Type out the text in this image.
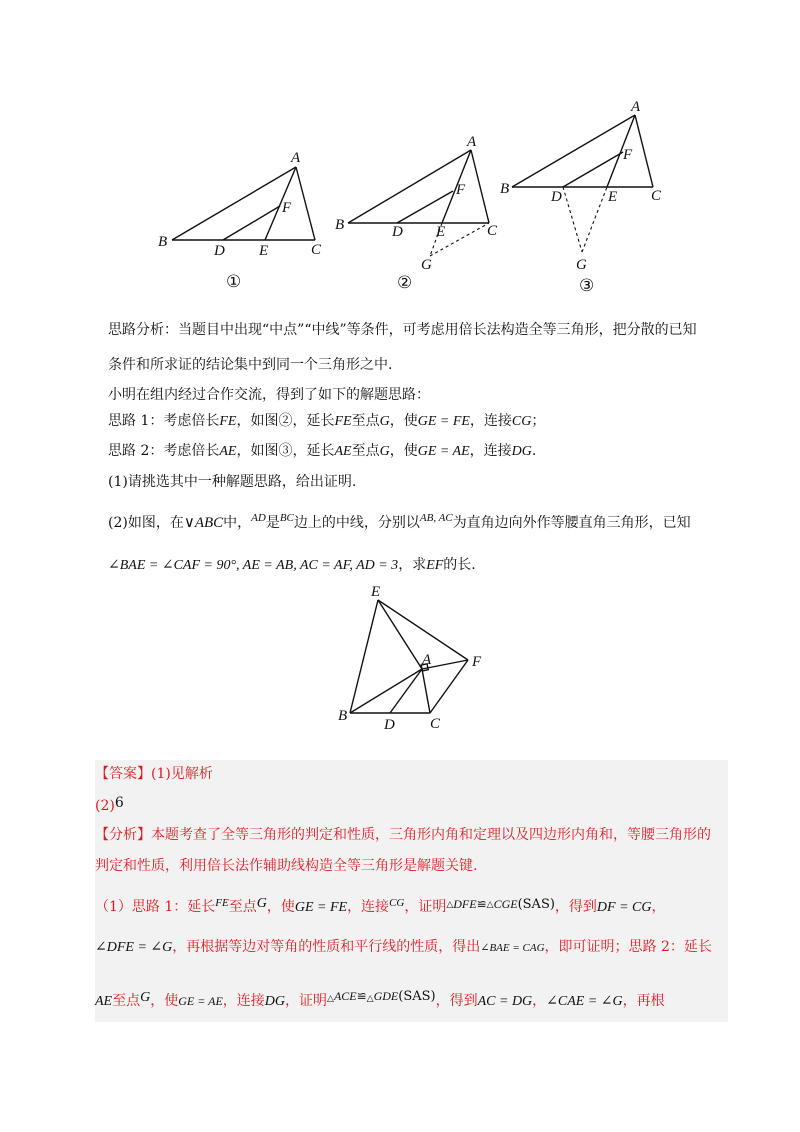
A
B	C
D E
F
①
A
B	C
D E
F
G
②
A
B	C
D	E
F
G
③
思路分析：当题目中出现“中点”“中线”等条件，可考虑用倍长法构造全等三角形，把分散的已知
条件和所求证的结论集中到同一个三角形之中.
小明在组内经过合作交流，得到了如下的解题思路：
思路 1：考虑倍长FE，如图②，延长FE至点G，使GE = FE，连接CG；
思路 2：考虑倍长AE，如图③，延长AE至点G，使GE = AE，连接DG.
(1)请挑选其中一种解题思路，给出证明.
(2)如图，在∨ABC中，$^{AD}$是$^{BC}$边上的中线，分别以$^{AB, AC}$为直角边向外作等腰直角三角形，已知
∠BAE = ∠CAF = 90°, AE = AB, AC = AF, AD = 3，求EF的长.
E
A	F
B
D C
【答案】(1)见解析
(2)6
【分析】本题考查了全等三角形的判定和性质，三角形内角和定理以及四边形内角和，等腰三角形的
判定和性质，利用倍长法作辅助线构造全等三角形是解题关键.
（1）思路 1：延长$^{FE}$至点G，使GE = FE，连接$^{CG}$，证明△DFE≌△CGE(SAS)，得到DF = CG，
∠DFE = ∠G，再根据等边对等角的性质和平行线的性质，得出∠BAE = CAG，即可证明；思路 2：延长
AE至点G，使GE = AE，连接DG，证明△ACE≌△GDE(SAS)，得到AC = DG，∠CAE = ∠G，再根
